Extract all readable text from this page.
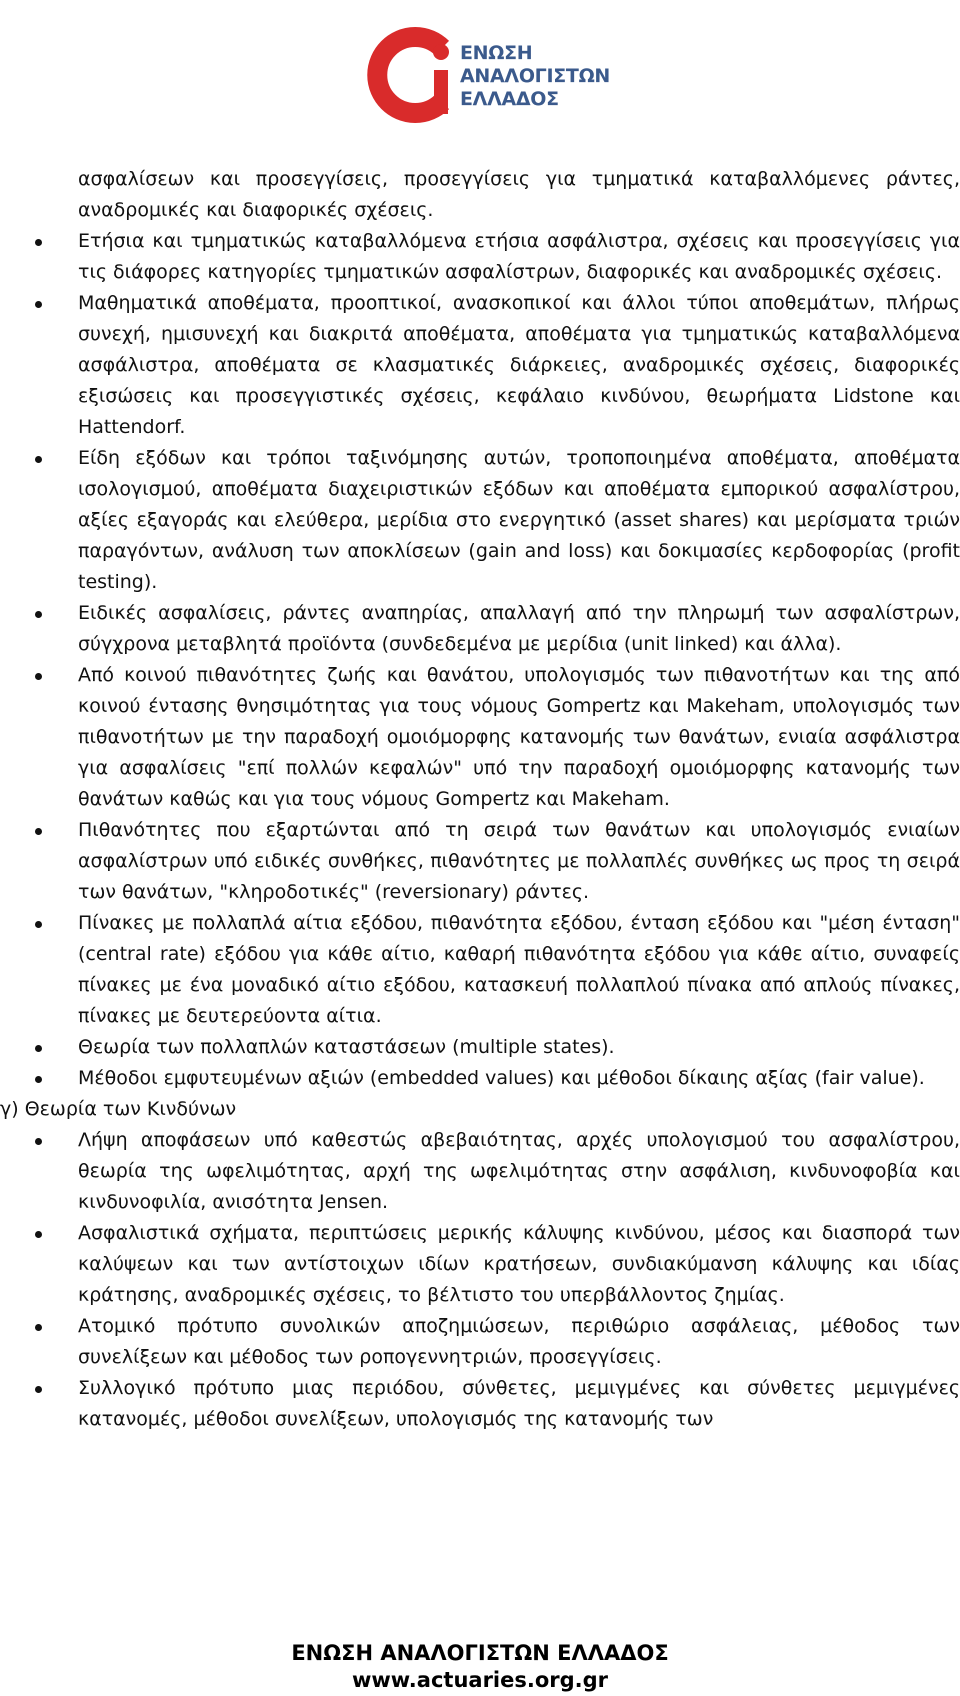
ΕΝΩΣΗ
ΑΝΑΛΟΓΙΣΤΩΝ
ΕΛΛΑΔΟΣ

ασφαλίσεων και προσεγγίσεις, προσεγγίσεις για τμηματικά καταβαλλόμενες ράντες, αναδρομικές και διαφορικές σχέσεις.

Ετήσια και τμηματικώς καταβαλλόμενα ετήσια ασφάλιστρα, σχέσεις και προσεγγίσεις για τις διάφορες κατηγορίες τμηματικών ασφαλίστρων, διαφορικές και αναδρομικές σχέσεις.
Μαθηματικά αποθέματα, προοπτικοί, ανασκοπικοί και άλλοι τύποι αποθεμάτων, πλήρως συνεχή, ημισυνεχή και διακριτά αποθέματα, αποθέματα για τμηματικώς καταβαλλόμενα ασφάλιστρα, αποθέματα σε κλασματικές διάρκειες, αναδρομικές σχέσεις, διαφορικές εξισώσεις και προσεγγιστικές σχέσεις, κεφάλαιο κινδύνου, θεωρήματα Lidstone και Hattendorf.
Είδη εξόδων και τρόποι ταξινόμησης αυτών, τροποποιημένα αποθέματα, αποθέματα ισολογισμού, αποθέματα διαχειριστικών εξόδων και αποθέματα εμπορικού ασφαλίστρου, αξίες εξαγοράς και ελεύθερα, μερίδια στο ενεργητικό (asset shares) και μερίσματα τριών παραγόντων, ανάλυση των αποκλίσεων (gain and loss) και δοκιμασίες κερδοφορίας (profit testing).
Ειδικές ασφαλίσεις, ράντες αναπηρίας, απαλλαγή από την πληρωμή των ασφαλίστρων, σύγχρονα μεταβλητά προϊόντα (συνδεδεμένα με μερίδια (unit linked) και άλλα).
Από κοινού πιθανότητες ζωής και θανάτου, υπολογισμός των πιθανοτήτων και της από κοινού έντασης θνησιμότητας για τους νόμους Gompertz και Makeham, υπολογισμός των πιθανοτήτων με την παραδοχή ομοιόμορφης κατανομής των θανάτων, ενιαία ασφάλιστρα για ασφαλίσεις "επί πολλών κεφαλών" υπό την παραδοχή ομοιόμορφης κατανομής των θανάτων καθώς και για τους νόμους Gompertz και Makeham.
Πιθανότητες που εξαρτώνται από τη σειρά των θανάτων και υπολογισμός ενιαίων ασφαλίστρων υπό ειδικές συνθήκες, πιθανότητες με πολλαπλές συνθήκες ως προς τη σειρά των θανάτων, "κληροδοτικές" (reversionary) ράντες.
Πίνακες με πολλαπλά αίτια εξόδου, πιθανότητα εξόδου, ένταση εξόδου και "μέση ένταση" (central rate) εξόδου για κάθε αίτιο, καθαρή πιθανότητα εξόδου για κάθε αίτιο, συναφείς πίνακες με ένα μοναδικό αίτιο εξόδου, κατασκευή πολλαπλού πίνακα από απλούς πίνακες, πίνακες με δευτερεύοντα αίτια.
Θεωρία των πολλαπλών καταστάσεων (multiple states).
Μέθοδοι εμφυτευμένων αξιών (embedded values) και μέθοδοι δίκαιης αξίας (fair value).

γ) Θεωρία των Κινδύνων

Λήψη αποφάσεων υπό καθεστώς αβεβαιότητας, αρχές υπολογισμού του ασφαλίστρου, θεωρία της ωφελιμότητας, αρχή της ωφελιμότητας στην ασφάλιση, κινδυνοφοβία και κινδυνοφιλία, ανισότητα Jensen.
Ασφαλιστικά σχήματα, περιπτώσεις μερικής κάλυψης κινδύνου, μέσος και διασπορά των καλύψεων και των αντίστοιχων ιδίων κρατήσεων, συνδιακύμανση κάλυψης και ιδίας κράτησης, αναδρομικές σχέσεις, το βέλτιστο του υπερβάλλοντος ζημίας.
Ατομικό πρότυπο συνολικών αποζημιώσεων, περιθώριο ασφάλειας, μέθοδος των συνελίξεων και μέθοδος των ροπογεννητριών, προσεγγίσεις.
Συλλογικό πρότυπο μιας περιόδου, σύνθετες, μεμιγμένες και σύνθετες μεμιγμένες κατανομές, μέθοδοι συνελίξεων, υπολογισμός της κατανομής των
ΕΝΩΣΗ ΑΝΑΛΟΓΙΣΤΩΝ ΕΛΛΑΔΟΣ
www.actuaries.org.gr
